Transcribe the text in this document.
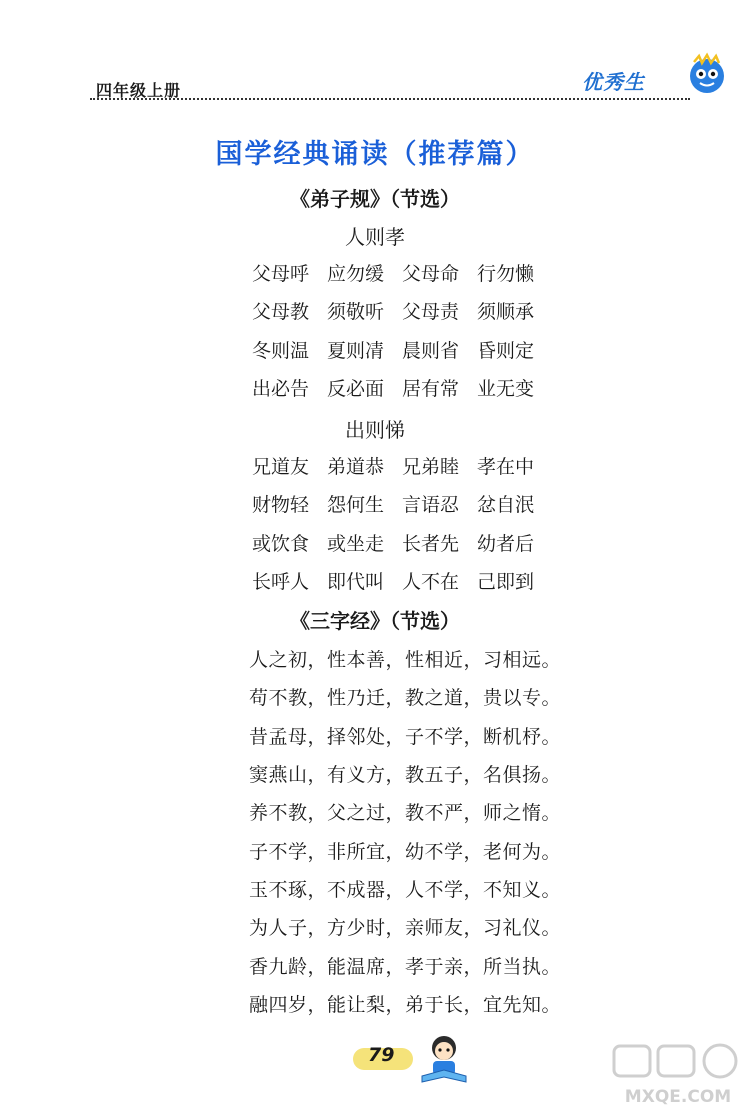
四年级上册	优秀生
国学经典诵读（推荐篇）
《弟子规》（节选）
人则孝
父母呼 应勿缓 父母命 行勿懒
父母教 须敬听 父母责 须顺承
冬则温 夏则凊 晨则省 昏则定
出必告 反必面 居有常 业无变
出则悌
兄道友 弟道恭 兄弟睦 孝在中
财物轻 怨何生 言语忍 忿自泯
或饮食 或坐走 长者先 幼者后
长呼人 即代叫 人不在 己即到
《三字经》（节选）
人之初，性本善，性相近，习相远。
苟不教，性乃迁，教之道，贵以专。
昔孟母，择邻处，子不学，断机杼。
窦燕山，有义方，教五子，名俱扬。
养不教，父之过，教不严，师之惰。
子不学，非所宜，幼不学，老何为。
玉不琢，不成器，人不学，不知义。
为人子，方少时，亲师友，习礼仪。
香九龄，能温席，孝于亲，所当执。
融四岁，能让梨，弟于长，宜先知。
79
MXQE.COM
